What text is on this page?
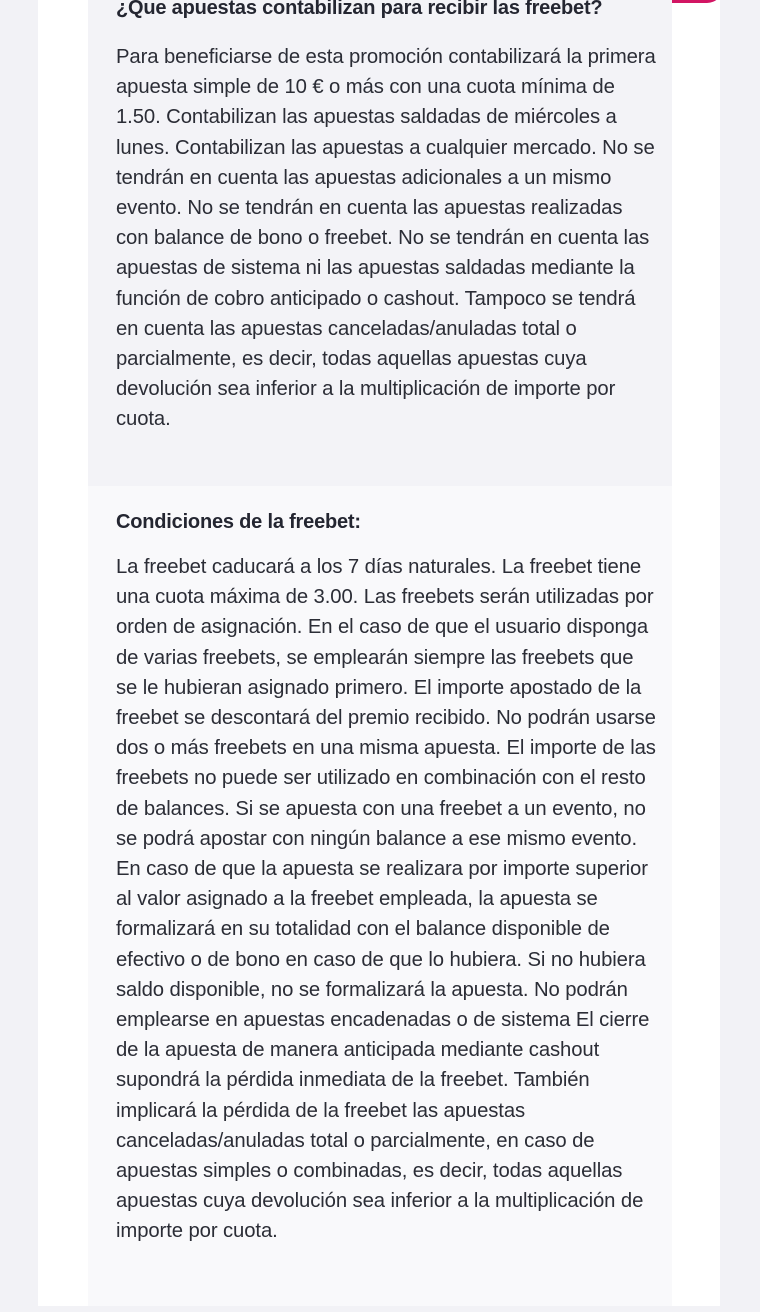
¿Que apuestas contabilizan para recibir las freebet?

Para beneficiarse de esta promoción contabilizará la primera apuesta simple de 10 € o más con una cuota mínima de 1.50. Contabilizan las apuestas saldadas de miércoles a lunes. Contabilizan las apuestas a cualquier mercado. No se tendrán en cuenta las apuestas adicionales a un mismo evento. No se tendrán en cuenta las apuestas realizadas con balance de bono o freebet. No se tendrán en cuenta las apuestas de sistema ni las apuestas saldadas mediante la función de cobro anticipado o cashout. Tampoco se tendrá en cuenta las apuestas canceladas/anuladas total o parcialmente, es decir, todas aquellas apuestas cuya devolución sea inferior a la multiplicación de importe por cuota.

Condiciones de la freebet:

La freebet caducará a los 7 días naturales. La freebet tiene una cuota máxima de 3.00. Las freebets serán utilizadas por orden de asignación. En el caso de que el usuario disponga de varias freebets, se emplearán siempre las freebets que se le hubieran asignado primero. El importe apostado de la freebet se descontará del premio recibido. No podrán usarse dos o más freebets en una misma apuesta. El importe de las freebets no puede ser utilizado en combinación con el resto de balances. Si se apuesta con una freebet a un evento, no se podrá apostar con ningún balance a ese mismo evento. En caso de que la apuesta se realizara por importe superior al valor asignado a la freebet empleada, la apuesta se formalizará en su totalidad con el balance disponible de efectivo o de bono en caso de que lo hubiera. Si no hubiera saldo disponible, no se formalizará la apuesta. No podrán emplearse en apuestas encadenadas o de sistema El cierre de la apuesta de manera anticipada mediante cashout supondrá la pérdida inmediata de la freebet. También implicará la pérdida de la freebet las apuestas canceladas/anuladas total o parcialmente, en caso de apuestas simples o combinadas, es decir, todas aquellas apuestas cuya devolución sea inferior a la multiplicación de importe por cuota.
